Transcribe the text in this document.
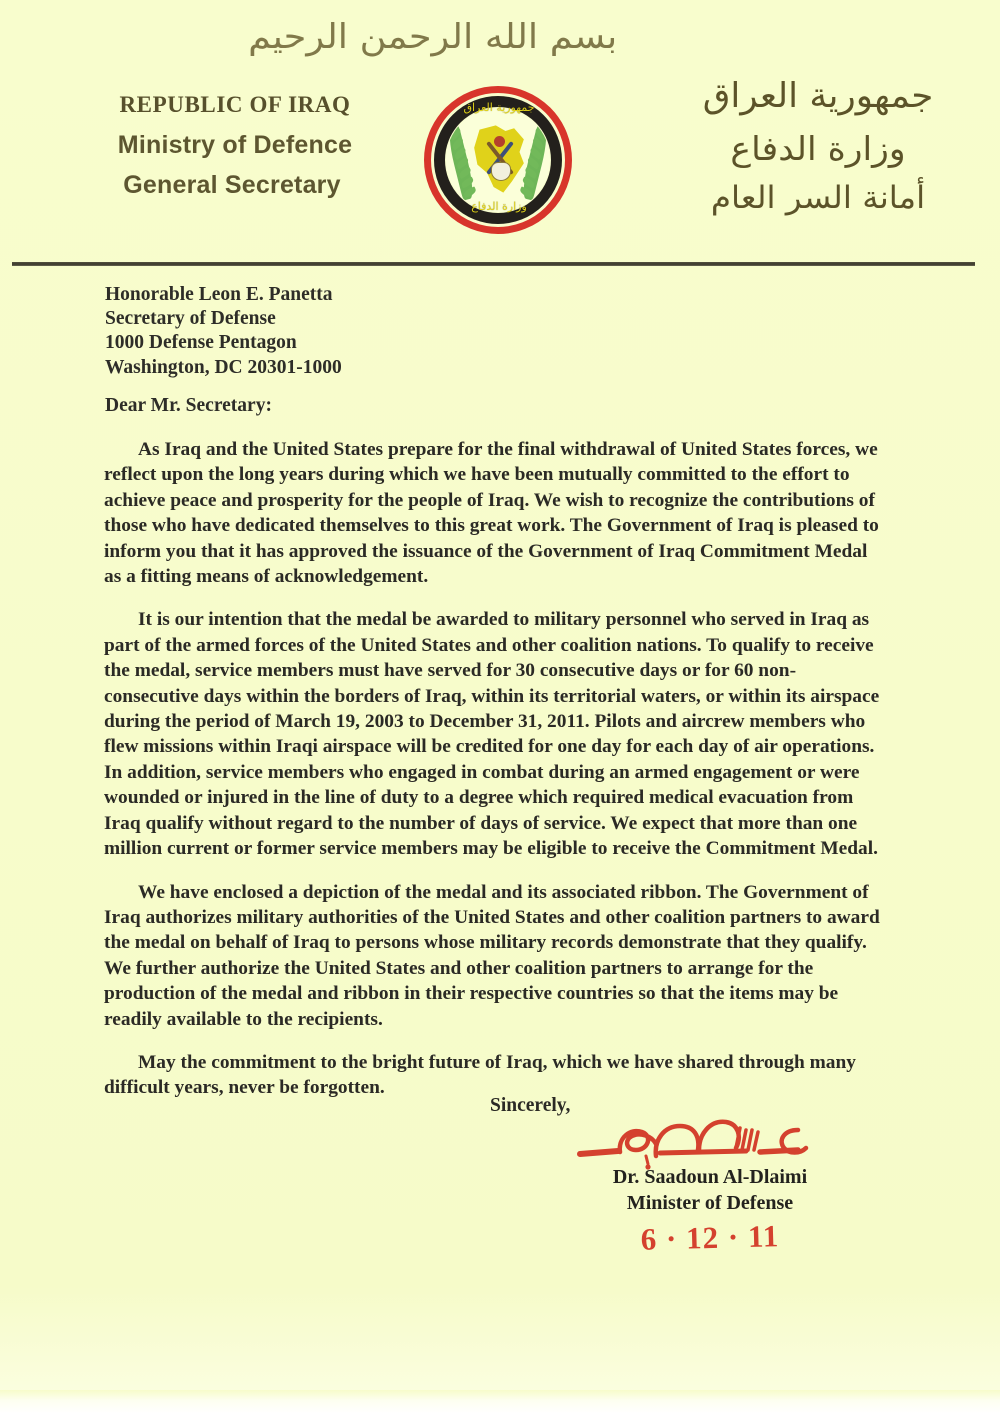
بسم الله الرحمن الرحيم
REPUBLIC OF IRAQ
Ministry of Defence
General Secretary
جمهورية العراق
وزارة الدفاع
جمهورية العراق
وزارة الدفاع
أمانة السر العام
Honorable Leon E. Panetta
Secretary of Defense
1000 Defense Pentagon
Washington, DC 20301-1000
Dear Mr. Secretary:

As Iraq and the United States prepare for the final withdrawal of United States forces, we reflect upon the long years during which we have been mutually committed to the effort to achieve peace and prosperity for the people of Iraq. We wish to recognize the contributions of those who have dedicated themselves to this great work. The Government of Iraq is pleased to inform you that it has approved the issuance of the Government of Iraq Commitment Medal as a fitting means of acknowledgement.

It is our intention that the medal be awarded to military personnel who served in Iraq as part of the armed forces of the United States and other coalition nations. To qualify to receive the medal, service members must have served for 30 consecutive days or for 60 non-consecutive days within the borders of Iraq, within its territorial waters, or within its airspace during the period of March 19, 2003 to December 31, 2011. Pilots and aircrew members who flew missions within Iraqi airspace will be credited for one day for each day of air operations. In addition, service members who engaged in combat during an armed engagement or were wounded or injured in the line of duty to a degree which required medical evacuation from Iraq qualify without regard to the number of days of service. We expect that more than one million current or former service members may be eligible to receive the Commitment Medal.

We have enclosed a depiction of the medal and its associated ribbon. The Government of Iraq authorizes military authorities of the United States and other coalition partners to award the medal on behalf of Iraq to persons whose military records demonstrate that they qualify. We further authorize the United States and other coalition partners to arrange for the production of the medal and ribbon in their respective countries so that the items may be readily available to the recipients.

May the commitment to the bright future of Iraq, which we have shared through many difficult years, never be forgotten.

Sincerely,
Dr. Saadoun Al-Dlaimi
Minister of Defense
6 · 12 · 11
